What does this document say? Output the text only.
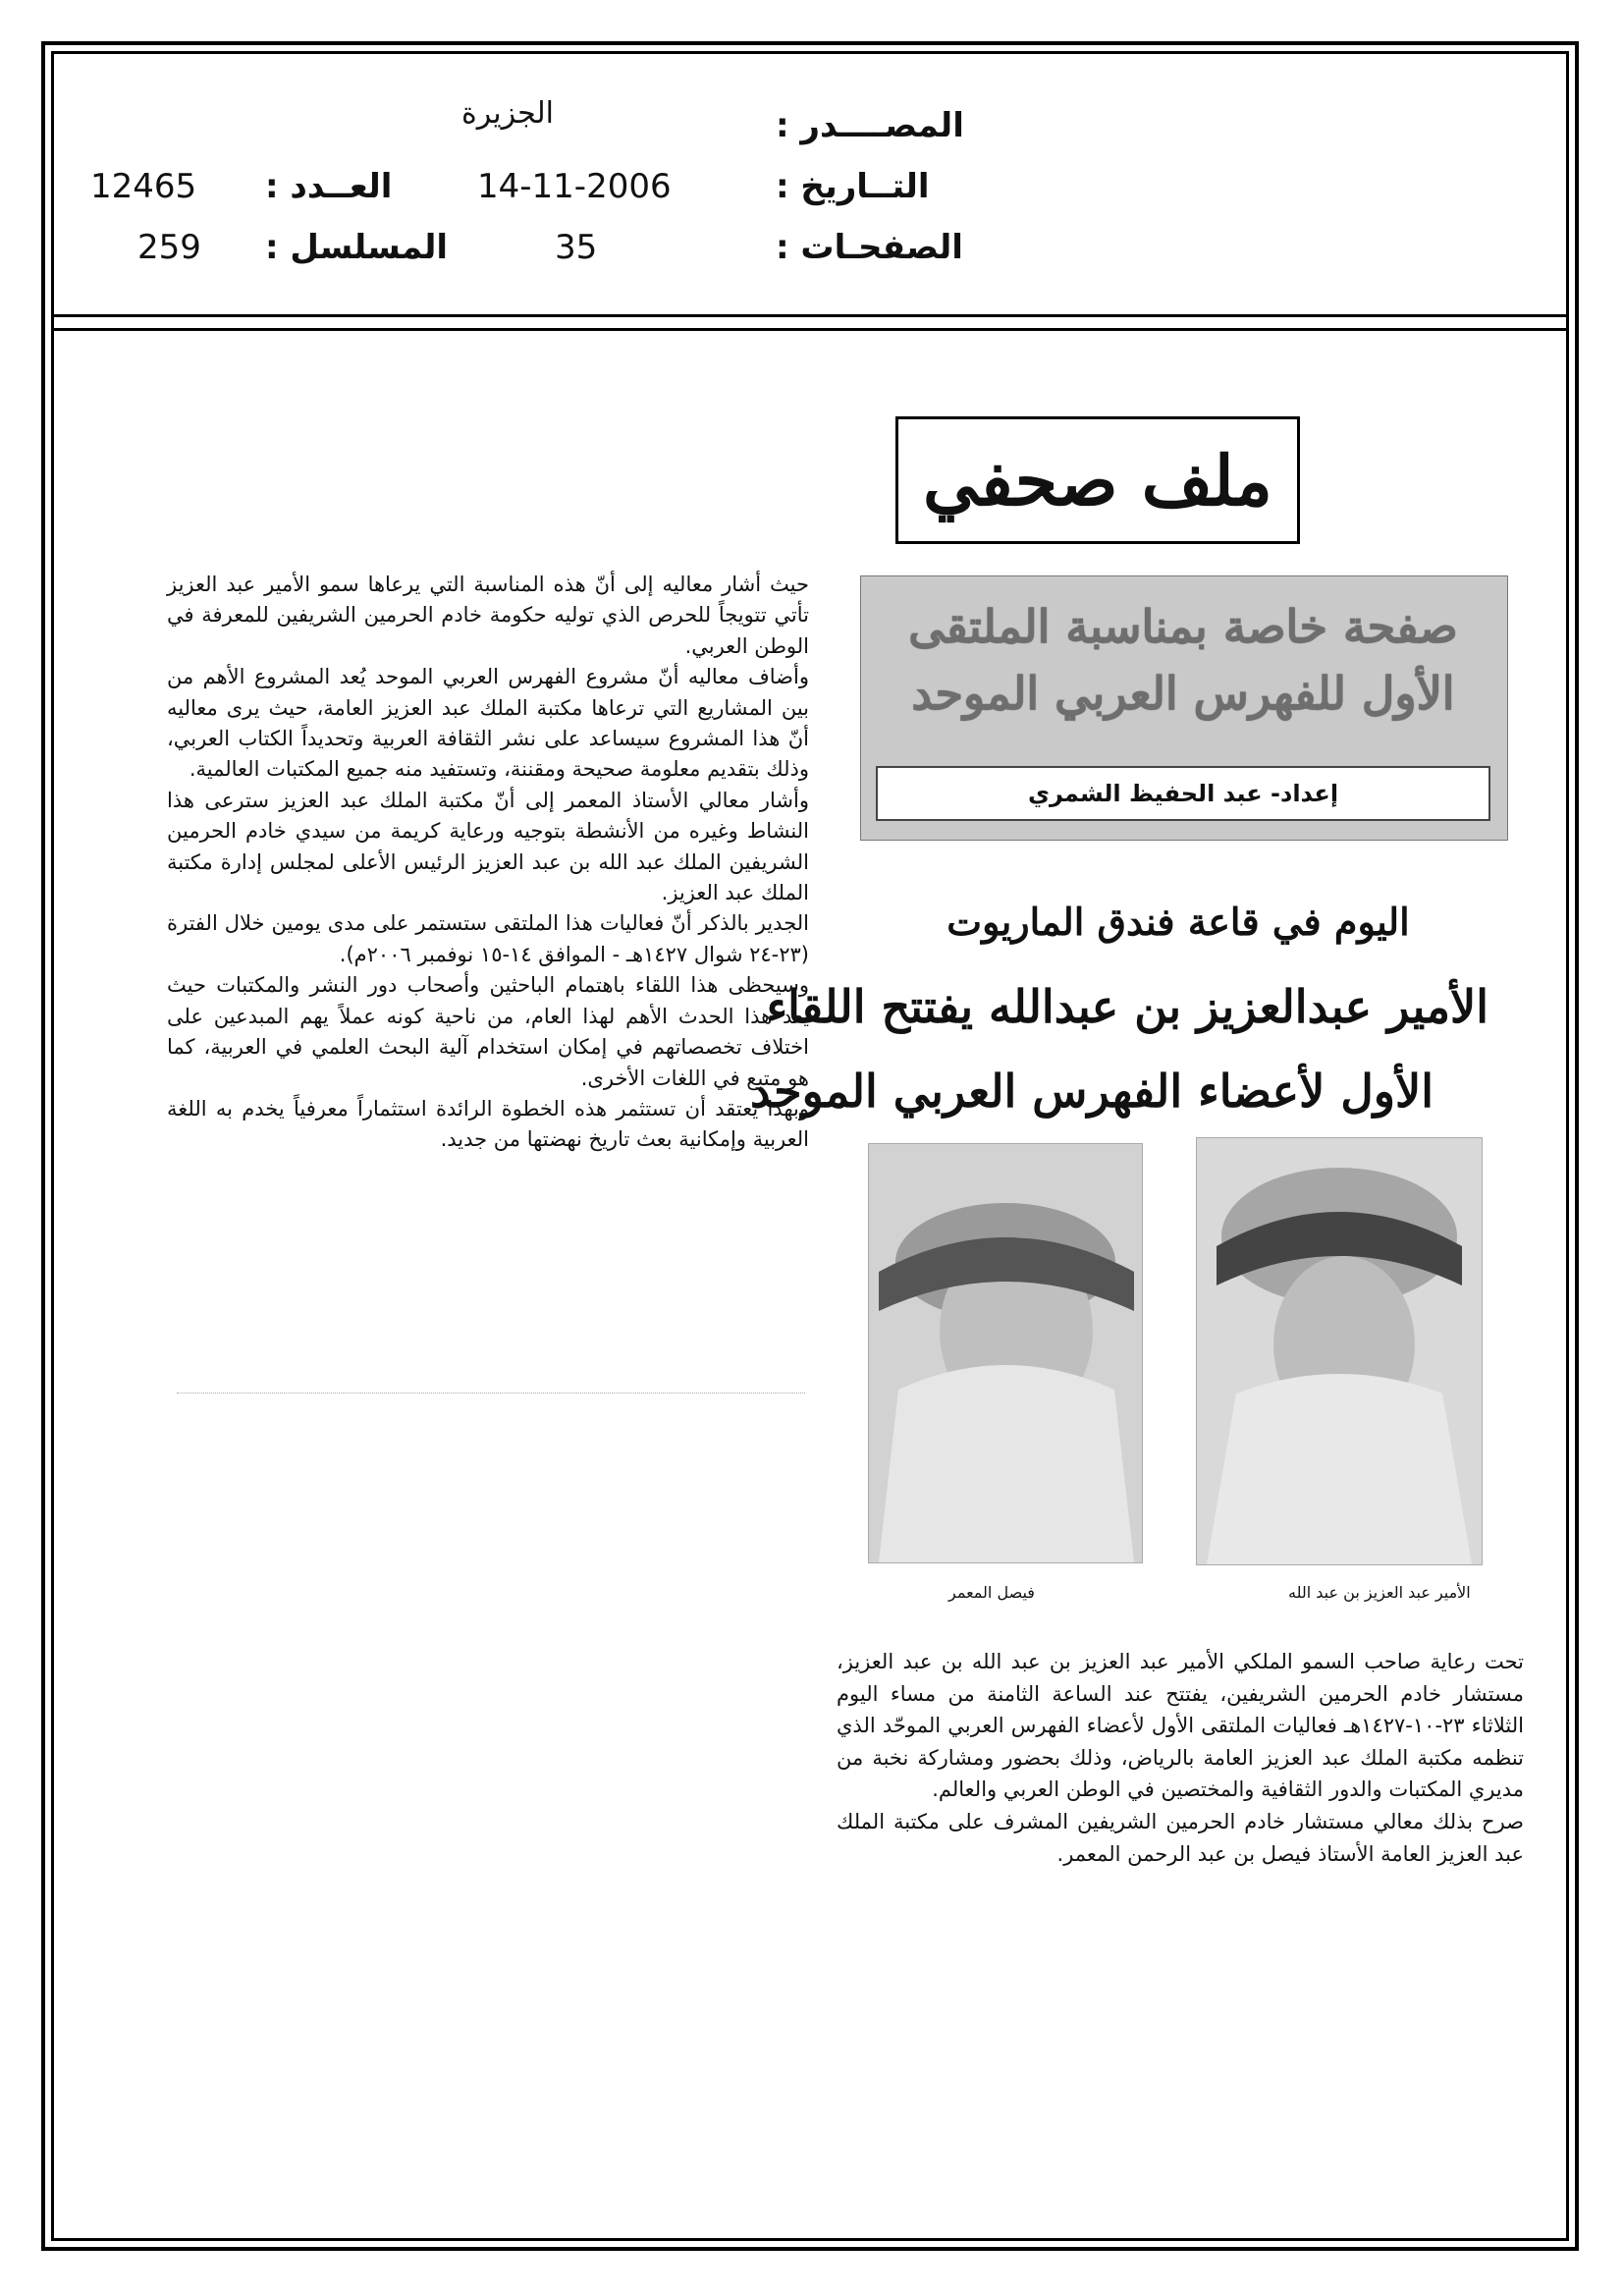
المصــــدر :
الجزيرة
التــاريخ :
14-11-2006
العــدد :
12465
الصفحـات :
35
المسلسل :
259
ملف صحفي
صفحة خاصة بمناسبة الملتقى
الأول للفهرس العربي الموحد
إعداد- عبد الحفيظ الشمري
اليوم في قاعة فندق الماريوت
الأمير عبدالعزيز بن عبدالله يفتتح اللقاء
الأول لأعضاء الفهرس العربي الموحد
فيصل المعمر	الأمير عبد العزيز بن عبد الله

تحت رعاية صاحب السمو الملكي الأمير عبد العزيز بن عبد الله بن عبد العزيز، مستشار خادم الحرمين الشريفين، يفتتح عند الساعة الثامنة من مساء اليوم الثلاثاء ٢٣-١٠-١٤٢٧هـ فعاليات الملتقى الأول لأعضاء الفهرس العربي الموحّد الذي تنظمه مكتبة الملك عبد العزيز العامة بالرياض، وذلك بحضور ومشاركة نخبة من مديري المكتبات والدور الثقافية والمختصين في الوطن العربي والعالم.

صرح بذلك معالي مستشار خادم الحرمين الشريفين المشرف على مكتبة الملك عبد العزيز العامة الأستاذ فيصل بن عبد الرحمن المعمر.

حيث أشار معاليه إلى أنّ هذه المناسبة التي يرعاها سمو الأمير عبد العزيز تأتي تتويجاً للحرص الذي توليه حكومة خادم الحرمين الشريفين للمعرفة في الوطن العربي.

وأضاف معاليه أنّ مشروع الفهرس العربي الموحد يُعد المشروع الأهم من بين المشاريع التي ترعاها مكتبة الملك عبد العزيز العامة، حيث يرى معاليه أنّ هذا المشروع سيساعد على نشر الثقافة العربية وتحديداً الكتاب العربي، وذلك بتقديم معلومة صحيحة ومقننة، وتستفيد منه جميع المكتبات العالمية.

وأشار معالي الأستاذ المعمر إلى أنّ مكتبة الملك عبد العزيز سترعى هذا النشاط وغيره من الأنشطة بتوجيه ورعاية كريمة من سيدي خادم الحرمين الشريفين الملك عبد الله بن عبد العزيز الرئيس الأعلى لمجلس إدارة مكتبة الملك عبد العزيز.

الجدير بالذكر أنّ فعاليات هذا الملتقى ستستمر على مدى يومين خلال الفترة (٢٣-٢٤ شوال ١٤٢٧هـ - الموافق ١٤-١٥ نوفمبر ٢٠٠٦م).

وسيحظى هذا اللقاء باهتمام الباحثين وأصحاب دور النشر والمكتبات حيث يعد هذا الحدث الأهم لهذا العام، من ناحية كونه عملاً يهم المبدعين على اختلاف تخصصاتهم في إمكان استخدام آلية البحث العلمي في العربية، كما هو متبع في اللغات الأخرى.

وبهذا يعتقد أن تستثمر هذه الخطوة الرائدة استثماراً معرفياً يخدم به اللغة العربية وإمكانية بعث تاريخ نهضتها من جديد.
